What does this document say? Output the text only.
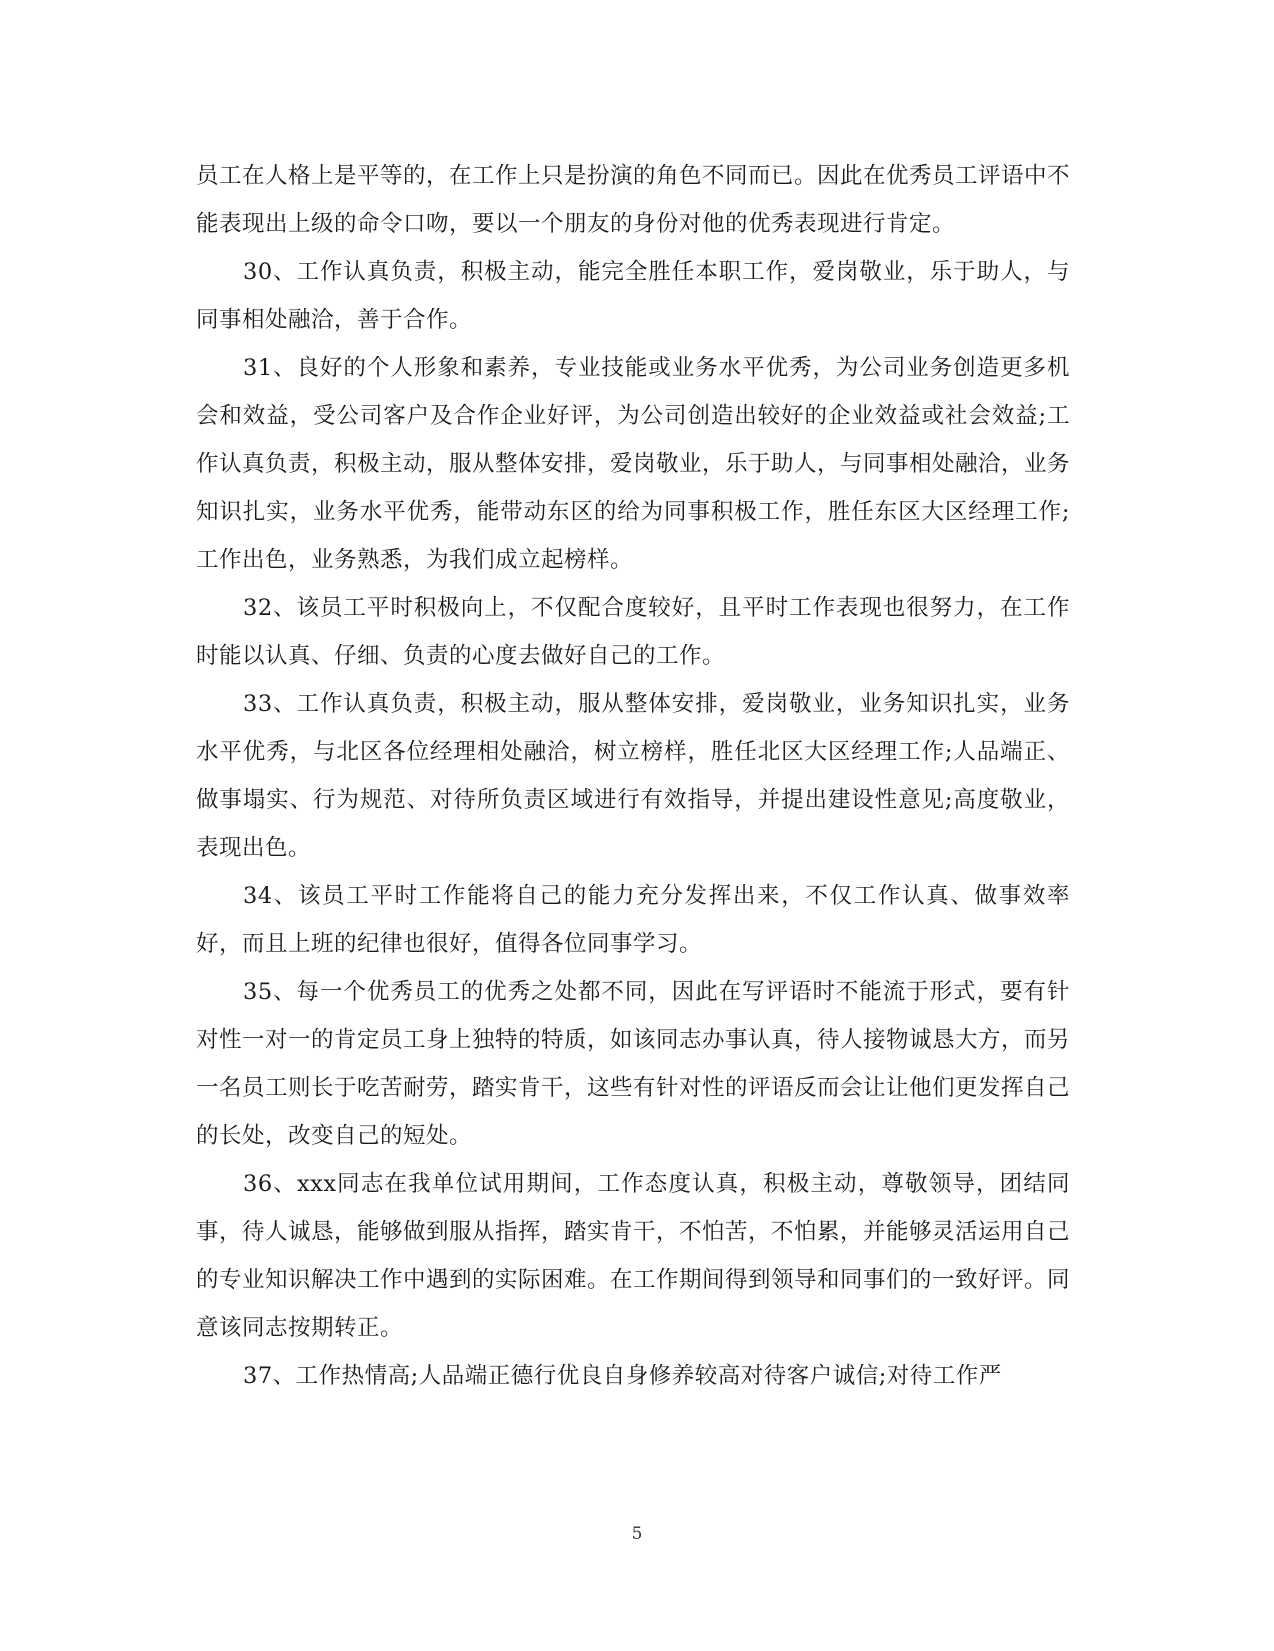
员工在人格上是平等的，在工作上只是扮演的角色不同而已。因此在优秀员工评语中不能表现出上级的命令口吻，要以一个朋友的身份对他的优秀表现进行肯定。

30、工作认真负责，积极主动，能完全胜任本职工作，爱岗敬业，乐于助人，与同事相处融洽，善于合作。

31、良好的个人形象和素养，专业技能或业务水平优秀，为公司业务创造更多机会和效益，受公司客户及合作企业好评，为公司创造出较好的企业效益或社会效益;工作认真负责，积极主动，服从整体安排，爱岗敬业，乐于助人，与同事相处融洽，业务知识扎实，业务水平优秀，能带动东区的给为同事积极工作，胜任东区大区经理工作;工作出色，业务熟悉，为我们成立起榜样。

32、该员工平时积极向上，不仅配合度较好，且平时工作表现也很努力，在工作时能以认真、仔细、负责的心度去做好自己的工作。

33、工作认真负责，积极主动，服从整体安排，爱岗敬业，业务知识扎实，业务水平优秀，与北区各位经理相处融洽，树立榜样，胜任北区大区经理工作;人品端正、做事塌实、行为规范、对待所负责区域进行有效指导，并提出建设性意见;高度敬业，表现出色。

34、该员工平时工作能将自己的能力充分发挥出来，不仅工作认真、做事效率好，而且上班的纪律也很好，值得各位同事学习。

35、每一个优秀员工的优秀之处都不同，因此在写评语时不能流于形式，要有针对性一对一的肯定员工身上独特的特质，如该同志办事认真，待人接物诚恳大方，而另一名员工则长于吃苦耐劳，踏实肯干，这些有针对性的评语反而会让让他们更发挥自己的长处，改变自己的短处。

36、xxx同志在我单位试用期间，工作态度认真，积极主动，尊敬领导，团结同事，待人诚恳，能够做到服从指挥，踏实肯干，不怕苦，不怕累，并能够灵活运用自己的专业知识解决工作中遇到的实际困难。在工作期间得到领导和同事们的一致好评。同意该同志按期转正。

37、工作热情高;人品端正德行优良自身修养较高对待客户诚信;对待工作严

5
